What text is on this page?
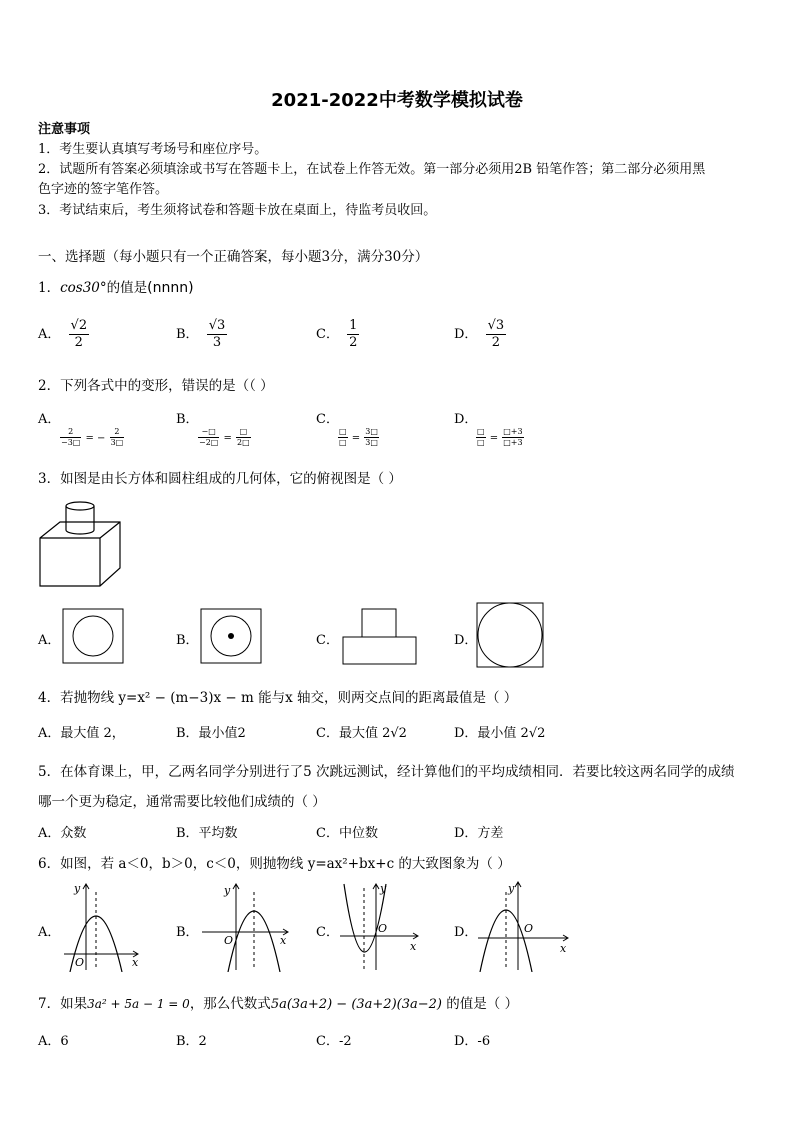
2021-2022中考数学模拟试卷
注意事项
1．考生要认真填写考场号和座位序号。
2．试题所有答案必须填涂或书写在答题卡上，在试卷上作答无效。第一部分必须用2B 铅笔作答；第二部分必须用黑
色字迹的签字笔作答。
3．考试结束后，考生须将试卷和答题卡放在桌面上，待监考员收回。
一、选择题（每小题只有一个正确答案，每小题3分，满分30分）
1．cos30°的值是(nnnn)
A． $\frac{√2}{2}$	B． $\frac{√3}{3}$	C． $\frac{1}{2}$	D． $\frac{√3}{2}$
2．下列各式中的变形，错误的是（（ ）
A．

$\frac{2}{-3□}$ = − $\frac{2}{3□}$
B．

−□
−2□ =
□
2□
C．

□
□ = $\frac{3□}{3□}$
D．

□
□ = $\frac{□+3}{□+3}$
3．如图是由长方体和圆柱组成的几何体，它的俯视图是（ ）
A．	B．	C．	D．
4．若抛物线 y=x² − (m−3)x − m 能与x 轴交，则两交点间的距离最值是（ ）
A．最大值 2，	B．最小值2	C．最大值 2√2	D．最小值 2√2
5．在体育课上，甲，乙两名同学分别进行了5 次跳远测试，经计算他们的平均成绩相同．若要比较这两名同学的成绩
哪一个更为稳定，通常需要比较他们成绩的（ ）
A．众数	B．平均数	C．中位数	D．方差
6．如图，若 a＜0，b＞0，c＜0，则抛物线 y=ax²+bx+c 的大致图象为（ ）
A．
x
y
O
B．
x
y
O
C．
x
y
O	D．
x
y
O
7．如果3a² + 5a − 1 = 0，那么代数式5a(3a+2) − (3a+2)(3a−2) 的值是（ ）
A．6	B．2	C．-2	D．-6
